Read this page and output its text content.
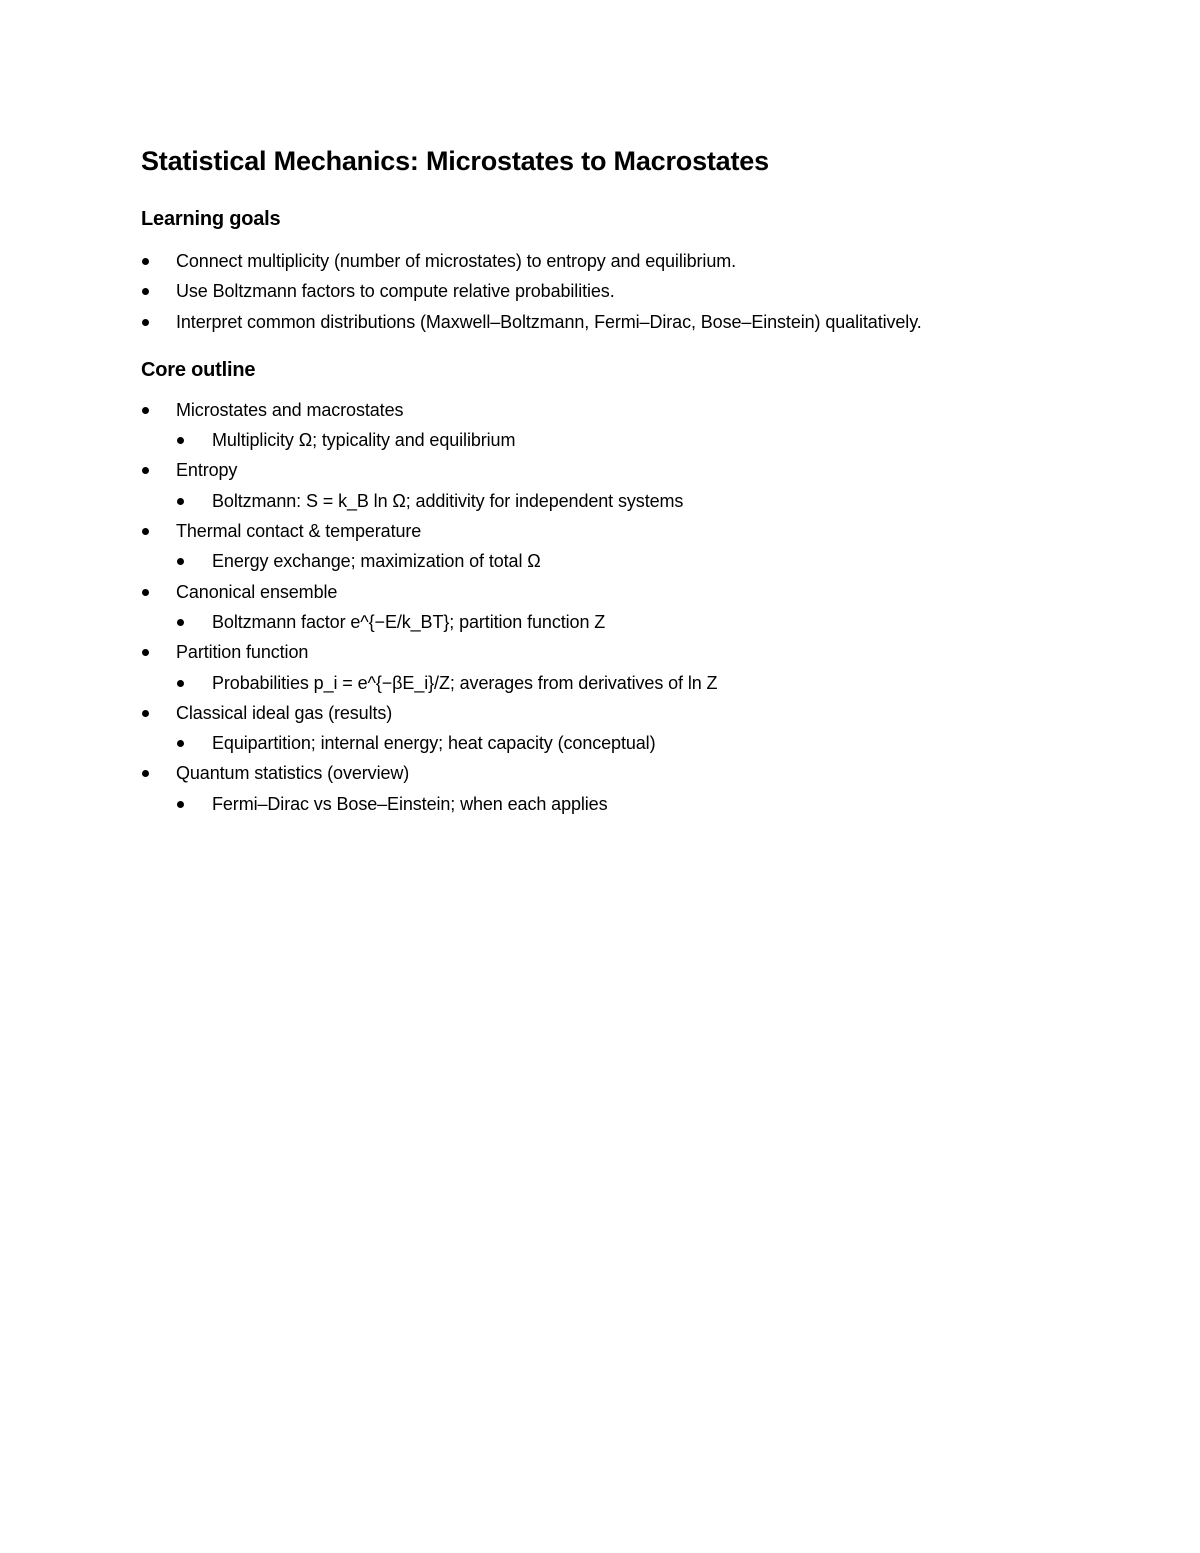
Statistical Mechanics: Microstates to Macrostates
Learning goals
Connect multiplicity (number of microstates) to entropy and equilibrium.
Use Boltzmann factors to compute relative probabilities.
Interpret common distributions (Maxwell–Boltzmann, Fermi–Dirac, Bose–Einstein) qualitatively.
Core outline
Microstates and macrostates
Multiplicity Ω; typicality and equilibrium
Entropy
Boltzmann: S = k_B ln Ω; additivity for independent systems
Thermal contact & temperature
Energy exchange; maximization of total Ω
Canonical ensemble
Boltzmann factor e^{−E/k_BT}; partition function Z
Partition function
Probabilities p_i = e^{−βE_i}/Z; averages from derivatives of ln Z
Classical ideal gas (results)
Equipartition; internal energy; heat capacity (conceptual)
Quantum statistics (overview)
Fermi–Dirac vs Bose–Einstein; when each applies
